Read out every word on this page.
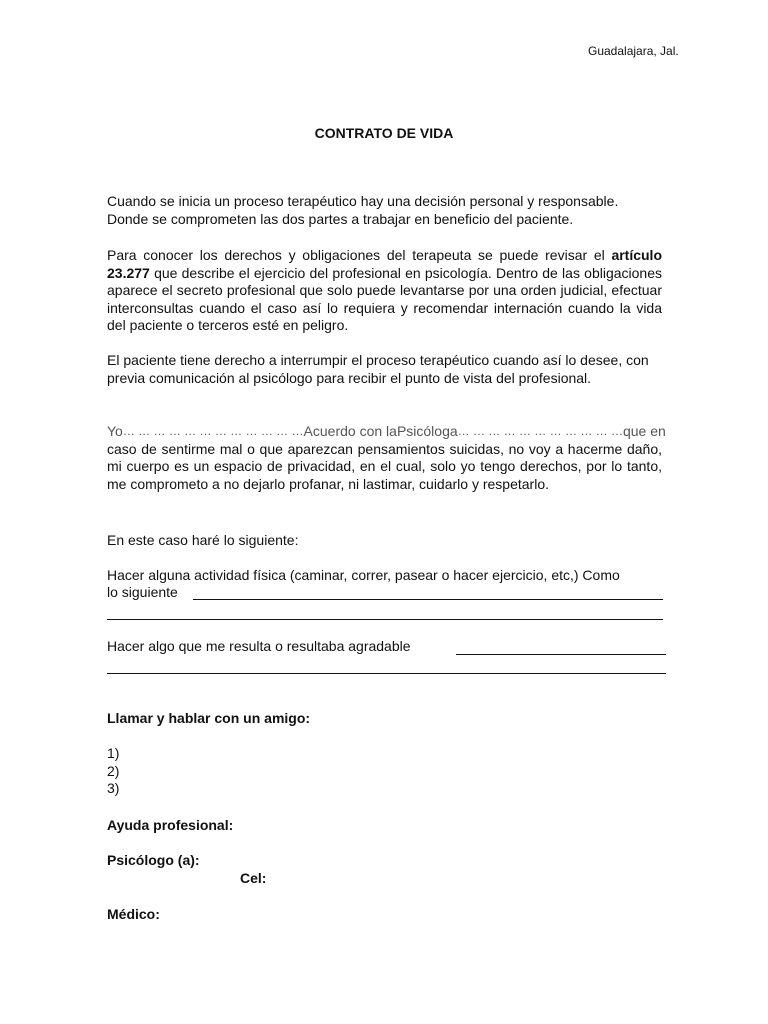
Guadalajara, Jal.
CONTRATO DE VIDA

Cuando se inicia un proceso terapéutico hay una decisión personal y responsable. Donde se comprometen las dos partes a trabajar en beneficio del paciente.

Para conocer los derechos y obligaciones del terapeuta se puede revisar el artículo 23.277 que describe el ejercicio del profesional en psicología. Dentro de las obligaciones aparece el secreto profesional que solo puede levantarse por una orden judicial, efectuar interconsultas cuando el caso así lo requiera y recomendar internación cuando la vida del paciente o terceros esté en peligro.

El paciente tiene derecho a interrumpir el proceso terapéutico cuando así lo desee, con previa comunicación al psicólogo para recibir el punto de vista del profesional.

Yo … … … … … … … … … … … … Acuerdo con la Psicóloga … … … … … … … … … … … que en
caso de sentirme mal o que aparezcan pensamientos suicidas, no voy a hacerme daño, mi cuerpo es un espacio de privacidad, en el cual, solo yo tengo derechos, por lo tanto, me comprometo a no dejarlo profanar, ni lastimar, cuidarlo y respetarlo.

En este caso haré lo siguiente:
Hacer alguna actividad física (caminar, correr, pasear o hacer ejercicio, etc,) Como
lo siguiente
Hacer algo que me resulta o resultaba agradable
Llamar y hablar con un amigo:
1)
2)
3)
Ayuda profesional:
Psicólogo (a):
Cel:
Médico:
